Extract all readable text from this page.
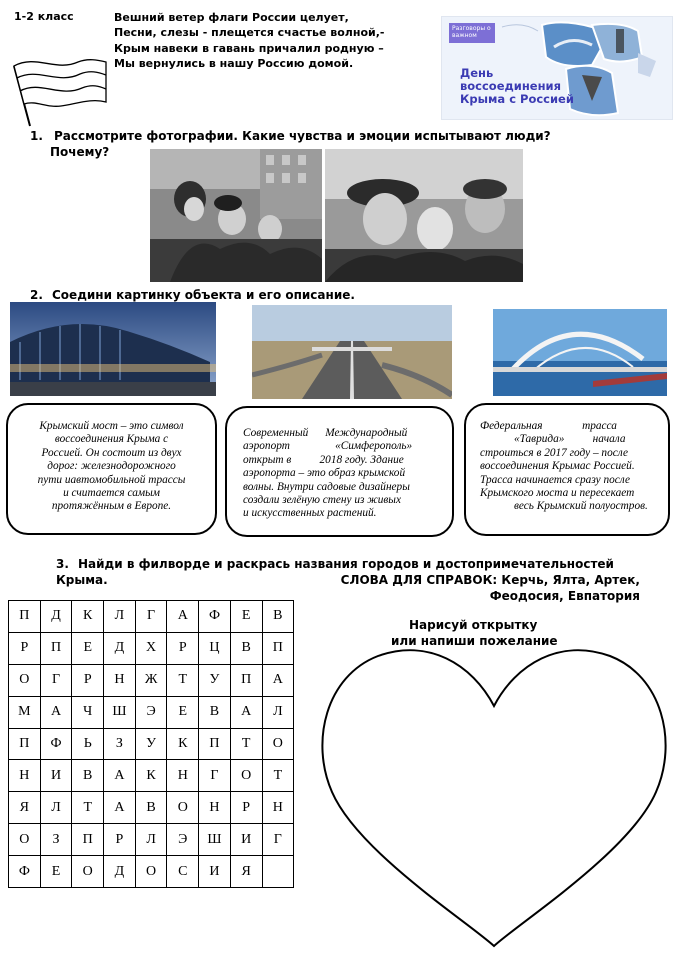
1-2 класс	Вешний ветер флаги России целует,
Песни, слезы - плещется счастье волной,-
Крым навеки в гавань причалил родную –
Мы вернулись в нашу Россию домой.
Разговоры о важном
День
воссоединения
Крыма с Россией
1. Рассмотрите фотографии. Какие чувства и эмоции испытывают люди?
Почему?
2. Соедини картинку объекта и его описание.
Крымский мост – это символ
воссоединения Крыма с
Россией. Он состоит из двух
дорог: железнодорожного
пути иавтомобильной трассы
и считается самым
протяжённым в Европе.
Современный      Международный
аэропорт                «Симферополь»
открыт в          2018 году. Здание
аэропорта – это образ крымской
волны. Внутри садовые дизайнеры
создали зелёную стену из живых
и искусственных растений.
Федеральная              трасса
«Таврида»          начала
строиться в 2017 году – после
воссоединения Крымас Россией.
Трасса начинается сразу после
Крымского моста и пересекает
весь Крымский полуостров.
3. Найди в филворде и раскрась названия городов и достопримечательностей
Крыма.	СЛОВА ДЛЯ СПРАВОК: Керчь, Ялта, Артек,
Феодосия, Евпатория
П	Д	К	Л	Г	А	Ф	Е	В
Р	П	Е	Д	Х	Р	Ц	В	П
О	Г	Р	Н	Ж	Т	У	П	А
М	А	Ч	Ш	Э	Е	В	А	Л
П	Ф	Ь	З	У	К	П	Т	О
Н	И	В	А	К	Н	Г	О	Т
Я	Л	Т	А	В	О	Н	Р	Н
О	З	П	Р	Л	Э	Ш	И	Г
Ф	Е	О	Д	О	С	И	Я	
Нарисуй открытку
или напиши пожелание
